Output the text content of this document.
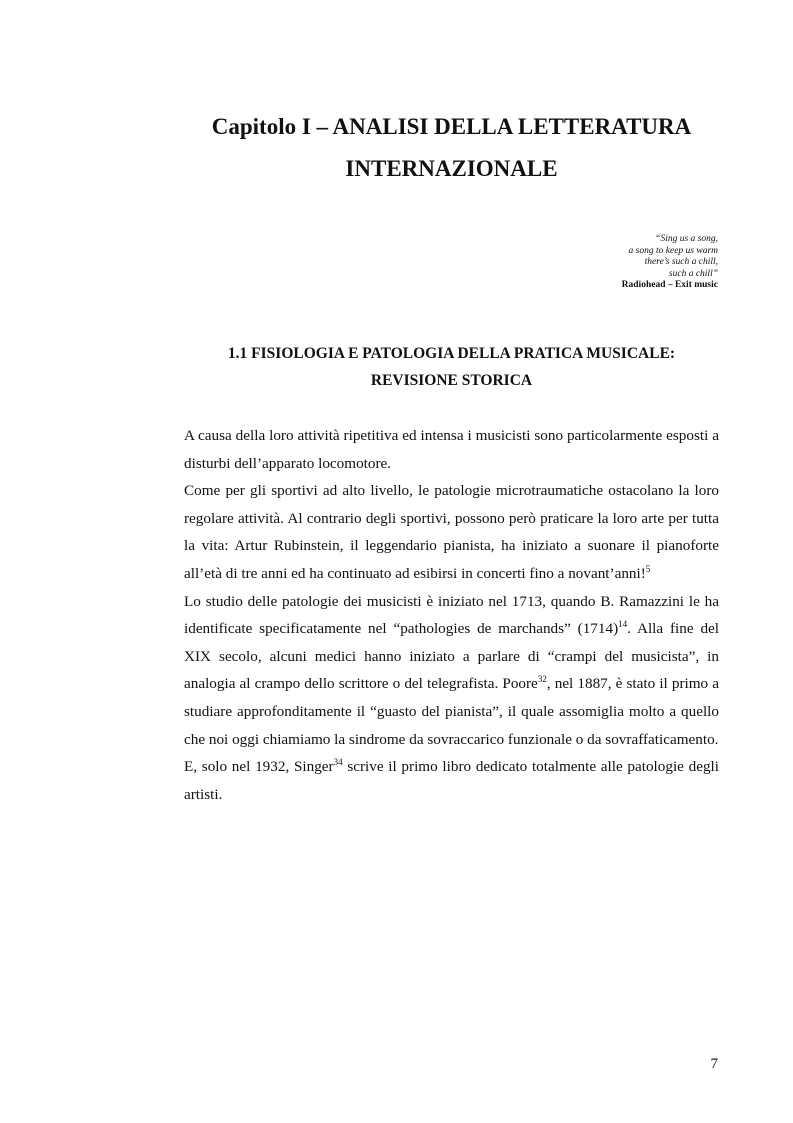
Capitolo I – ANALISI DELLA LETTERATURA
INTERNAZIONALE
“Sing us a song,
a song to keep us warm
there’s such a chill,
such a chill”
Radiohead – Exit music
1.1 FISIOLOGIA E PATOLOGIA DELLA PRATICA MUSICALE:
REVISIONE STORICA

A causa della loro attività ripetitiva ed intensa i musicisti sono particolarmente esposti a disturbi dell’apparato locomotore.

Come per gli sportivi ad alto livello, le patologie microtraumatiche ostacolano la loro regolare attività. Al contrario degli sportivi, possono però praticare la loro arte per tutta la vita: Artur Rubinstein, il leggendario pianista, ha iniziato a suonare il pianoforte all’età di tre anni ed ha continuato ad esibirsi in concerti fino a novant’anni!$^5$

Lo studio delle patologie dei musicisti è iniziato nel 1713, quando B. Ramazzini le ha identificate specificatamente nel “pathologies de marchands” $(1714)^{14}$. Alla fine del XIX secolo, alcuni medici hanno iniziato a parlare di “crampi del musicista”, in analogia al crampo dello scrittore o del telegrafista. Poore$^{32}$, nel 1887, è stato il primo a studiare approfonditamente il “guasto del pianista”, il quale assomiglia molto a quello che noi oggi chiamiamo la sindrome da sovraccarico funzionale o da sovraffaticamento.

E, solo nel 1932, Singer$^{34}$ scrive il primo libro dedicato totalmente alle patologie degli artisti.

7
